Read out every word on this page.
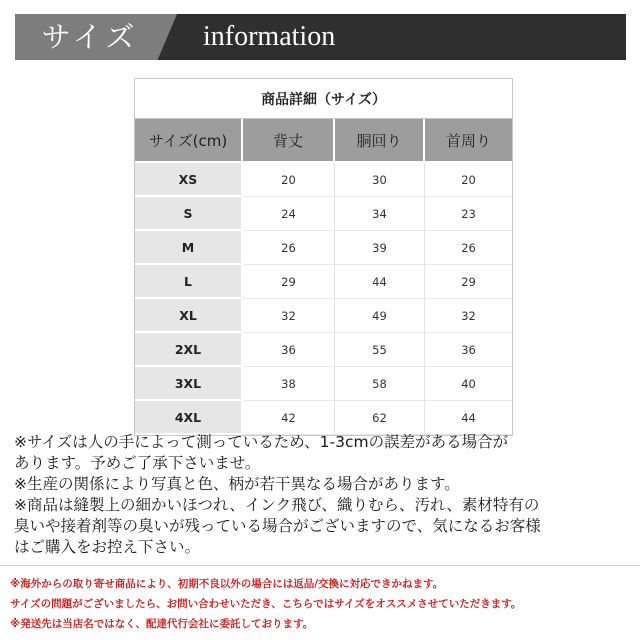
サイズ	information
商品詳細（サイズ）			
サイズ(cm)	背丈	胴回り	首周り
XS	20	30	20
S	24	34	23
M	26	39	26
L	29	44	29
XL	32	49	32
2XL	36	55	36
3XL	38	58	40
4XL	42	62	44
※サイズは人の手によって測っているため、1-3cmの誤差がある場合が
あります。予めご了承下さいませ。
※生産の関係により写真と色、柄が若干異なる場合があります。
※商品は縫製上の細かいほつれ、インク飛び、織りむら、汚れ、素材特有の
臭いや接着剤等の臭いが残っている場合がございますので、気になるお客様
はご購入をお控え下さい。
※海外からの取り寄せ商品により、初期不良以外の場合には返品/交換に対応できかねます。
サイズの問題がございましたら、お問い合わせいただき、こちらではサイズをオススメさせていただきます。
※発送先は当店名ではなく、配達代行会社に委託しております。
